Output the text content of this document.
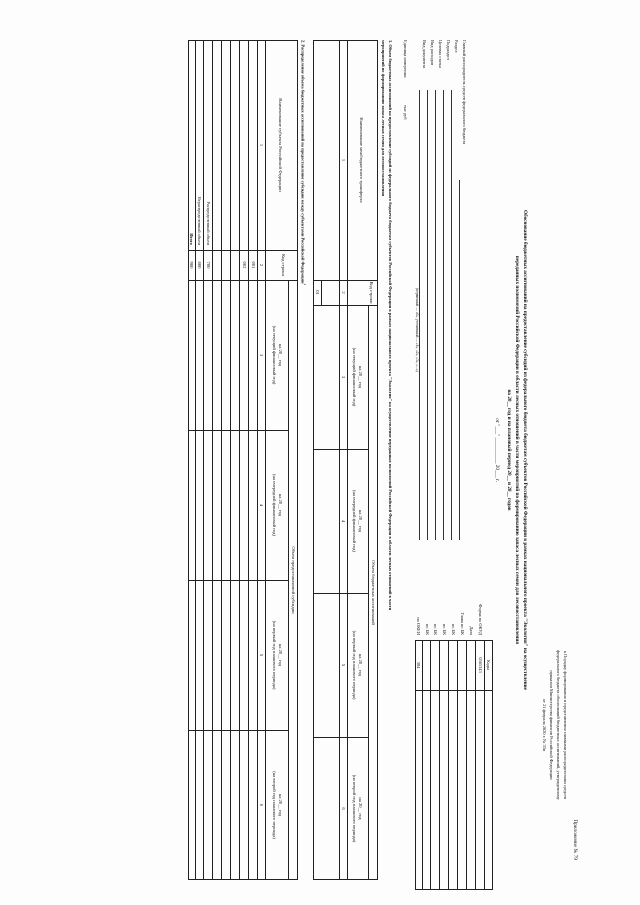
Приложение № 79
к Порядку формирования и представления главными распорядителями средств
федерального бюджета обоснований бюджетных ассигнований, утвержденному
приказом Министерства финансов Российской Федерации
от 21 февраля 2020 г. № 33н
Обоснование бюджетных ассигнований на предоставление субсидий из федерального бюджета бюджетам субъектов Российской Федерации в рамках национального проекта "Экология" на осуществление
переданных полномочий Российской Федерации в области лесных отношений в части мероприятий по формированию запаса лесных семян для лесовосстановления
на 20__ год и на плановый период 20__ и 20__ годов
от "___" __________ 20___ г.
Коды
0505343
384
Форма по ОКУД
Дата
Глава по БК
по БК
по БК
по БК
по БК
по ОКЕИ
Главный распорядитель средств федерального бюджета
Раздел
Подраздел
Целевая статья
Вид расходов
Вид документа
(первичный — «0», уточненный — «1», «2», «3», «...»)
Единица измерения:
тыс руб
1. Объем бюджетных ассигнований на предоставление субсидий из федерального бюджета бюджетам субъектов Российской Федерации в рамках национального проекта "Экология" на осуществление переданных полномочий Российской Федерации в области лесных отношений в части
мероприятий по формированию запаса лесных семян для лесовосстановления
Наименование межбюджетного трансферта
Код строки
Объем бюджетных ассигнований
на 20__ год
(на текущий финансовый год)
на 20__ год
(на очередной финансовый год)
на 20__ год
(на первый год планового периода)
на 20__ год
(на второй год планового периода)
1
2
3
4
5
6
01
2. Распределение объема бюджетных ассигнований на предоставление субсидии между субъектами Российской Федерации$^1$
Наименование субъекта Российской Федерации
Код строки
Объем предоставляемой субсидии
на 20__ год
(на текущий финансовый год)
на 20__ год
(на очередной финансовый год)
на 20__ год
(на первый год планового периода)
на 20__ год
(на второй год планового периода)
1
2
3
4
5
6
001
002
Распределенный объем
700
Нераспределенный объем
800
Итого
900
